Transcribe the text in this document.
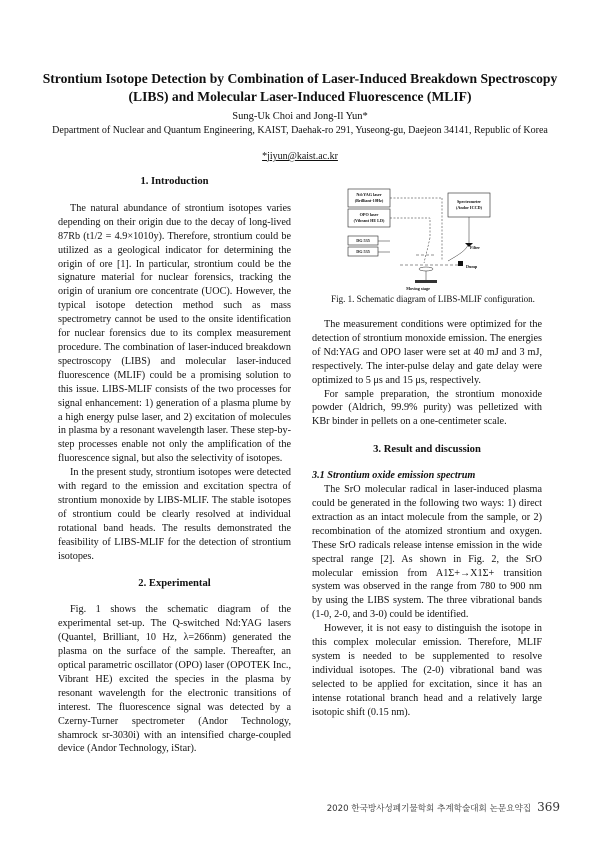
Strontium Isotope Detection by Combination of Laser-Induced Breakdown Spectroscopy (LIBS) and Molecular Laser-Induced Fluorescence (MLIF)
Sung-Uk Choi and Jong-Il Yun*
Department of Nuclear and Quantum Engineering, KAIST, Daehak-ro 291, Yuseong-gu, Daejeon 34141, Republic of Korea
*jiyun@kaist.ac.kr

1. Introduction

The natural abundance of strontium isotopes varies depending on their origin due to the decay of long-lived 87Rb (t1/2 = 4.9×1010y). Therefore, strontium could be utilized as a geological indicator for determining the origin of ore [1]. In particular, strontium could be the signature material for nuclear forensics, tracking the origin of uranium ore concentrate (UOC). However, the typical isotope detection method such as mass spectrometry cannot be used to the onsite identification for nuclear forensics due to its complex measurement procedure. The combination of laser-induced breakdown spectroscopy (LIBS) and molecular laser-induced fluorescence (MLIF) could be a promising solution to this issue. LIBS-MLIF consists of the two processes for signal enhancement: 1) generation of a plasma plume by a high energy pulse laser, and 2) excitation of molecules in plasma by a resonant wavelength laser. These step-by-step processes enable not only the amplification of the fluorescence signal, but also the selectivity of isotopes.

In the present study, strontium isotopes were detected with regard to the emission and excitation spectra of strontium monoxide by LIBS-MLIF. The stable isotopes of strontium could be clearly resolved at individual rotational band heads. The results demonstrated the feasibility of LIBS-MLIF for the detection of strontium isotopes.

2. Experimental

Fig. 1 shows the schematic diagram of the experimental set-up. The Q-switched Nd:YAG lasers (Quantel, Brilliant, 10 Hz, λ=266nm) generated the plasma on the surface of the sample. Thereafter, an optical parametric oscillator (OPO) laser (OPOTEK Inc., Vibrant HE) excited the species in the plasma by resonant wavelength for the electronic transitions of interest. The fluorescence signal was detected by a Czerny-Turner spectrometer (Andor Technology, shamrock sr-3030i) with an intensified charge-coupled device (Andor Technology, iStar).

Nd:YAG laser
(Brilliant-10Hz)
OPO laser
(Vibrant HE LD)
DG 535
DG 535
Spectrometer
(Andor ICCD)
Filter
Dump
Moving stage
Fig. 1. Schematic diagram of LIBS-MLIF configuration.

The measurement conditions were optimized for the detection of strontium monoxide emission. The energies of Nd:YAG and OPO laser were set at 40 mJ and 3 mJ, respectively. The inter-pulse delay and gate delay were optimized to 5 μs and 15 μs, respectively.

For sample preparation, the strontium monoxide powder (Aldrich, 99.9% purity) was pelletized with KBr binder in pellets on a one-centimeter scale.

3. Result and discussion

3.1 Strontium oxide emission spectrum

The SrO molecular radical in laser-induced plasma could be generated in the following two ways: 1) direct extraction as an intact molecule from the sample, or 2) recombination of the atomized strontium and oxygen. These SrO radicals release intense emission in the wide spectral range [2]. As shown in Fig. 2, the SrO molecular emission from A1Σ+→X1Σ+ transition system was observed in the range from 780 to 900 nm by using the LIBS system. The three vibrational bands (1-0, 2-0, and 3-0) could be identified.

However, it is not easy to distinguish the isotope in this complex molecular emission. Therefore, MLIF system is needed to be supplemented to resolve individual isotopes. The (2-0) vibrational band was selected to be applied for excitation, since it has an intense rotational branch head and a relatively large isotopic shift (0.15 nm).

2020 한국방사성폐기물학회 추계학술대회 논문요약집 369
